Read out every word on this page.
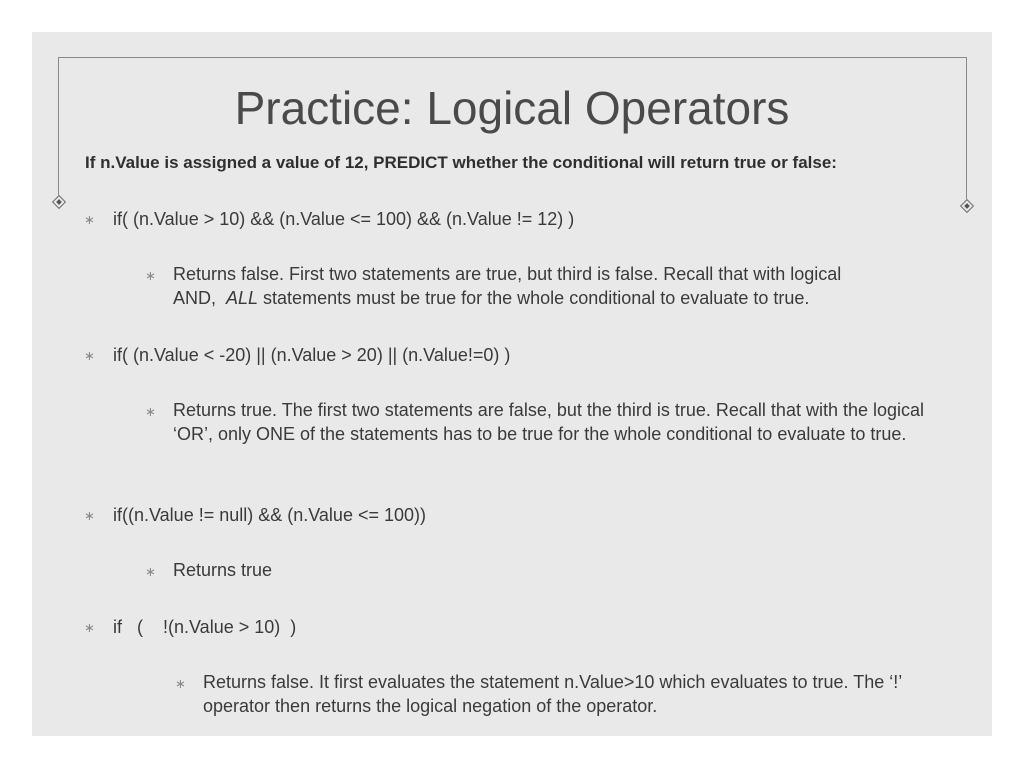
Practice: Logical Operators
If n.Value is assigned a value of 12, PREDICT whether the conditional will return true or false:
∗ if( (n.Value > 10) && (n.Value <= 100) && (n.Value != 12) )
∗ Returns false. First two statements are true, but third is false. Recall that with logical
AND,  ALL statements must be true for the whole conditional to evaluate to true.
∗ if( (n.Value < -20) || (n.Value > 20) || (n.Value!=0) )
∗ Returns true. The first two statements are false, but the third is true. Recall that with the logical ‘OR’, only ONE of the statements has to be true for the whole conditional to evaluate to true.
∗ if((n.Value != null) && (n.Value <= 100))
∗ Returns true
∗ if   (    !(n.Value > 10)  )
∗ Returns false. It first evaluates the statement n.Value>10 which evaluates to true. The ‘!’ operator then returns the logical negation of the operator.
